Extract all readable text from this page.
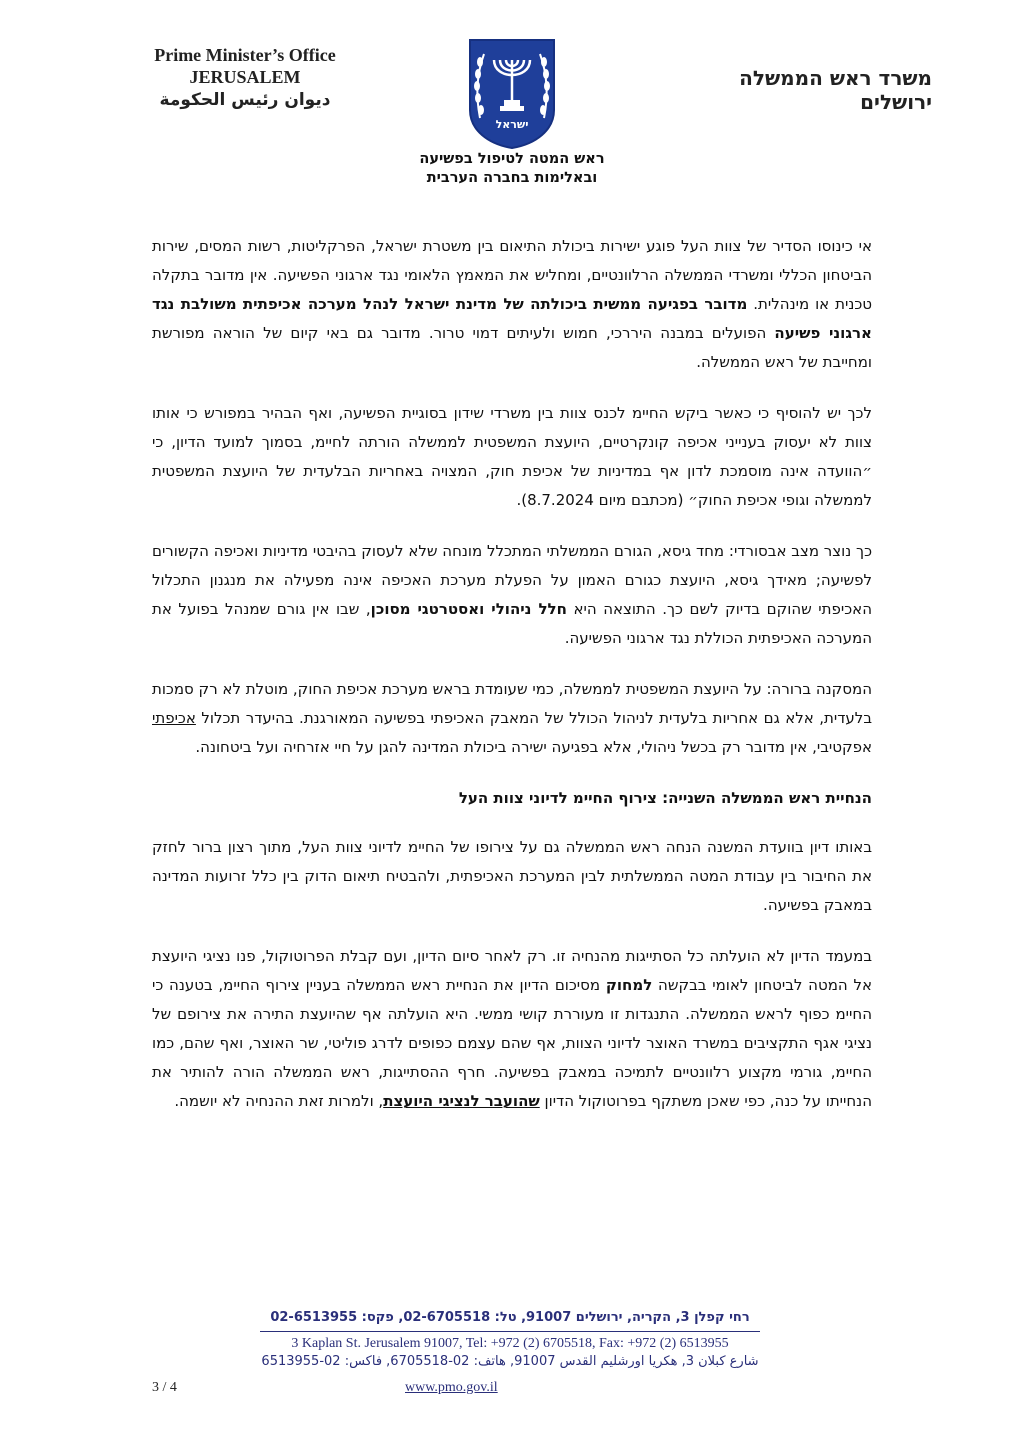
Prime Minister’s Office
JERUSALEM
ديوان رئيس الحكومة
משרד ראש הממשלה
ירושלים
ישראל
ראש המטה לטיפול בפשיעה
ובאלימות בחברה הערבית

אי כינוסו הסדיר של צוות העל פוגע ישירות ביכולת התיאום בין משטרת ישראל, הפרקליטות, רשות המסים, שירות הביטחון הכללי ומשרדי הממשלה הרלוונטיים, ומחליש את המאמץ הלאומי נגד ארגוני הפשיעה. אין מדובר בתקלה טכנית או מינהלית. מדובר בפגיעה ממשית ביכולתה של מדינת ישראל לנהל מערכה אכיפתית משולבת נגד ארגוני פשיעה הפועלים במבנה היררכי, חמוש ולעיתים דמוי טרור. מדובר גם באי קיום של הוראה מפורשת ומחייבת של ראש הממשלה.

לכך יש להוסיף כי כאשר ביקש החיימ לכנס צוות בין משרדי שידון בסוגיית הפשיעה, ואף הבהיר במפורש כי אותו צוות לא יעסוק בענייני אכיפה קונקרטיים, היועצת המשפטית לממשלה הורתה לחיימ, בסמוך למועד הדיון, כי ״הוועדה אינה מוסמכת לדון אף במדיניות של אכיפת חוק, המצויה באחריות הבלעדית של היועצת המשפטית לממשלה וגופי אכיפת החוק״ (מכתבם מיום 8.7.2024).

כך נוצר מצב אבסורדי: מחד גיסא, הגורם הממשלתי המתכלל מונחה שלא לעסוק בהיבטי מדיניות ואכיפה הקשורים לפשיעה; מאידך גיסא, היועצת כגורם האמון על הפעלת מערכת האכיפה אינה מפעילה את מנגנון התכלול האכיפתי שהוקם בדיוק לשם כך. התוצאה היא חלל ניהולי ואסטרטגי מסוכן, שבו אין גורם שמנהל בפועל את המערכה האכיפתית הכוללת נגד ארגוני הפשיעה.

המסקנה ברורה: על היועצת המשפטית לממשלה, כמי שעומדת בראש מערכת אכיפת החוק, מוטלת לא רק סמכות בלעדית, אלא גם אחריות בלעדית לניהול הכולל של המאבק האכיפתי בפשיעה המאורגנת. בהיעדר תכלול אכיפתי אפקטיבי, אין מדובר רק בכשל ניהולי, אלא בפגיעה ישירה ביכולת המדינה להגן על חיי אזרחיה ועל ביטחונה.

הנחיית ראש הממשלה השנייה: צירוף החיימ לדיוני צוות העל

באותו דיון בוועדת המשנה הנחה ראש הממשלה גם על צירופו של החיימ לדיוני צוות העל, מתוך רצון ברור לחזק את החיבור בין עבודת המטה הממשלתית לבין המערכת האכיפתית, ולהבטיח תיאום הדוק בין כלל זרועות המדינה במאבק בפשיעה.

במעמד הדיון לא הועלתה כל הסתייגות מהנחיה זו. רק לאחר סיום הדיון, ועם קבלת הפרוטוקול, פנו נציגי היועצת אל המטה לביטחון לאומי בבקשה למחוק מסיכום הדיון את הנחיית ראש הממשלה בעניין צירוף החיימ, בטענה כי החיימ כפוף לראש הממשלה. התנגדות זו מעוררת קושי ממשי. היא הועלתה אף שהיועצת התירה את צירופם של נציגי אגף התקציבים במשרד האוצר לדיוני הצוות, אף שהם עצמם כפופים לדרג פוליטי, שר האוצר, ואף שהם, כמו החיימ, גורמי מקצוע רלוונטיים לתמיכה במאבק בפשיעה. חרף ההסתייגות, ראש הממשלה הורה להותיר את הנחייתו על כנה, כפי שאכן משתקף בפרוטוקול הדיון שהועבר לנציגי היועצת, ולמרות זאת ההנחיה לא יושמה.

רחי קפלן 3, הקריה, ירושלים 91007, טל: 02-6705518, פקס: 02-6513955
3 Kaplan St. Jerusalem 91007, Tel: +972 (2) 6705518, Fax: +972 (2) 6513955
شارع كبلان 3, هكريا اورشليم القدس 91007, هاتف: 02-6705518, فاكس: 02-6513955
www.pmo.gov.il
3 / 4
